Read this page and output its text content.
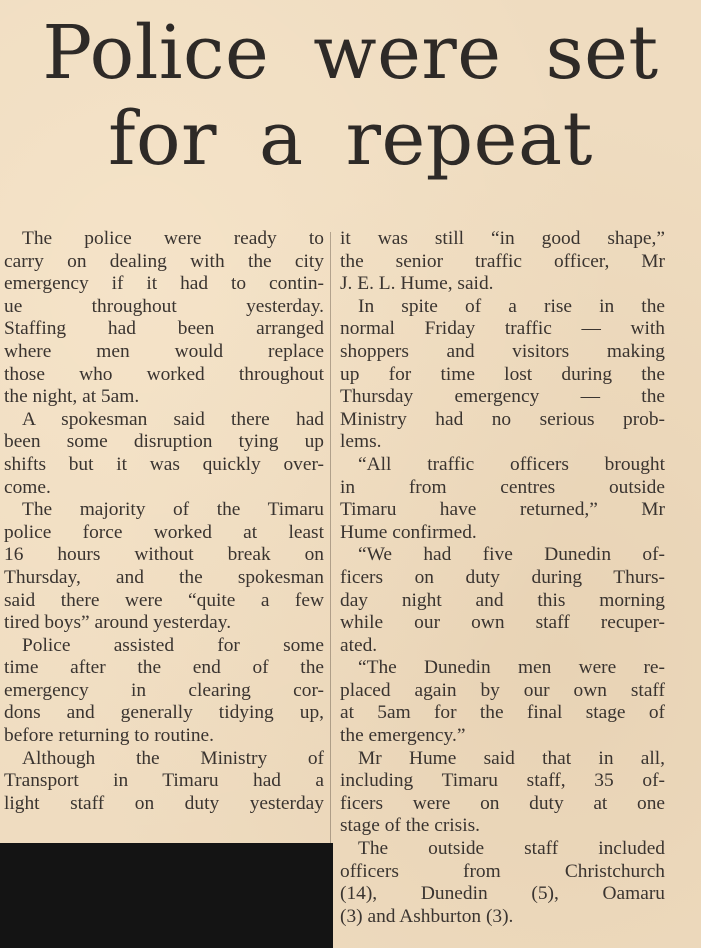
Police were set
for a repeat
The police were ready to
carry on dealing with the city
emergency if it had to contin-
ue throughout yesterday.
Staffing had been arranged
where men would replace
those who worked throughout
the night, at 5am.
A spokesman said there had
been some disruption tying up
shifts but it was quickly over-
come.
The majority of the Timaru
police force worked at least
16 hours without break on
Thursday, and the spokesman
said there were “quite a few
tired boys” around yesterday.
Police assisted for some
time after the end of the
emergency in clearing cor-
dons and generally tidying up,
before returning to routine.
Although the Ministry of
Transport in Timaru had a
light staff on duty yesterday
it was still “in good shape,”
the senior traffic officer, Mr
J. E. L. Hume, said.
In spite of a rise in the
normal Friday traffic — with
shoppers and visitors making
up for time lost during the
Thursday emergency — the
Ministry had no serious prob-
lems.
“All traffic officers brought
in from centres outside
Timaru have returned,” Mr
Hume confirmed.
“We had five Dunedin of-
ficers on duty during Thurs-
day night and this morning
while our own staff recuper-
ated.
“The Dunedin men were re-
placed again by our own staff
at 5am for the final stage of
the emergency.”
Mr Hume said that in all,
including Timaru staff, 35 of-
ficers were on duty at one
stage of the crisis.
The outside staff included
officers from Christchurch
(14), Dunedin (5), Oamaru
(3) and Ashburton (3).
